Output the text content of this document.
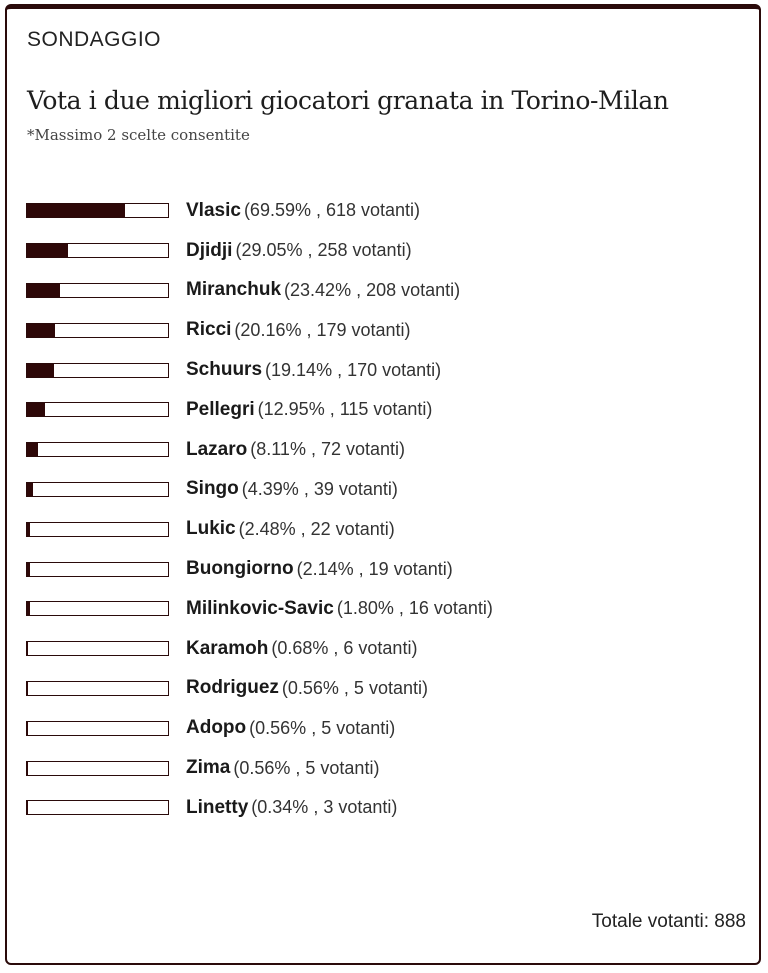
SONDAGGIO
Vota i due migliori giocatori granata in Torino-Milan
*Massimo 2 scelte consentite
Vlasic (69.59% , 618 votanti)
Djidji (29.05% , 258 votanti)
Miranchuk (23.42% , 208 votanti)
Ricci (20.16% , 179 votanti)
Schuurs (19.14% , 170 votanti)
Pellegri (12.95% , 115 votanti)
Lazaro (8.11% , 72 votanti)
Singo (4.39% , 39 votanti)
Lukic (2.48% , 22 votanti)
Buongiorno (2.14% , 19 votanti)
Milinkovic-Savic (1.80% , 16 votanti)
Karamoh (0.68% , 6 votanti)
Rodriguez (0.56% , 5 votanti)
Adopo (0.56% , 5 votanti)
Zima (0.56% , 5 votanti)
Linetty (0.34% , 3 votanti)
Totale votanti: 888
